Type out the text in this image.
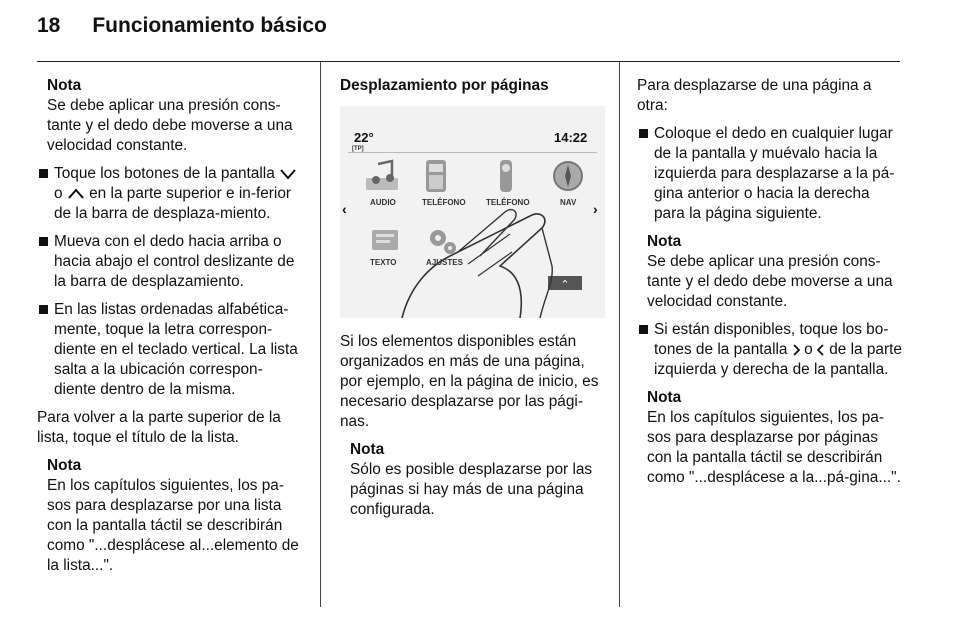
18 Funcionamiento básico

Nota
Se debe aplicar una presión cons-tante y el dedo debe moverse a una velocidad constante.

Toque los botones de la pantalla  o en la parte superior e in-ferior de la barra de desplaza-miento.

Mueva con el dedo hacia arriba o hacia abajo el control deslizante de la barra de desplazamiento.

En las listas ordenadas alfabética-mente, toque la letra correspon-diente en el teclado vertical. La lista salta a la ubicación correspon-diente dentro de la misma.

Para volver a la parte superior de la lista, toque el título de la lista.

Nota
En los capítulos siguientes, los pa-sos para desplazarse por una lista con la pantalla táctil se describirán como "...desplácese al...elemento de la lista...".

Desplazamiento por páginas

22°
[TP]
14:22
AUDIO	TELÉFONO	TELÉFONO	NAV
‹	›
TEXTO	AJUSTES
⌃

Si los elementos disponibles están organizados en más de una página, por ejemplo, en la página de inicio, es necesario desplazarse por las pági-nas.

Nota
Sólo es posible desplazarse por las páginas si hay más de una página configurada.

Para desplazarse de una página a otra:

Coloque el dedo en cualquier lugar de la pantalla y muévalo hacia la izquierda para desplazarse a la pá-gina anterior o hacia la derecha para la página siguiente.

Nota
Se debe aplicar una presión cons-tante y el dedo debe moverse a una velocidad constante.

Si están disponibles, toque los bo-tones de la pantalla o de la parte izquierda y derecha de la pantalla.

Nota
En los capítulos siguientes, los pa-sos para desplazarse por páginas con la pantalla táctil se describirán como "...desplácese a la...pá-gina...".
